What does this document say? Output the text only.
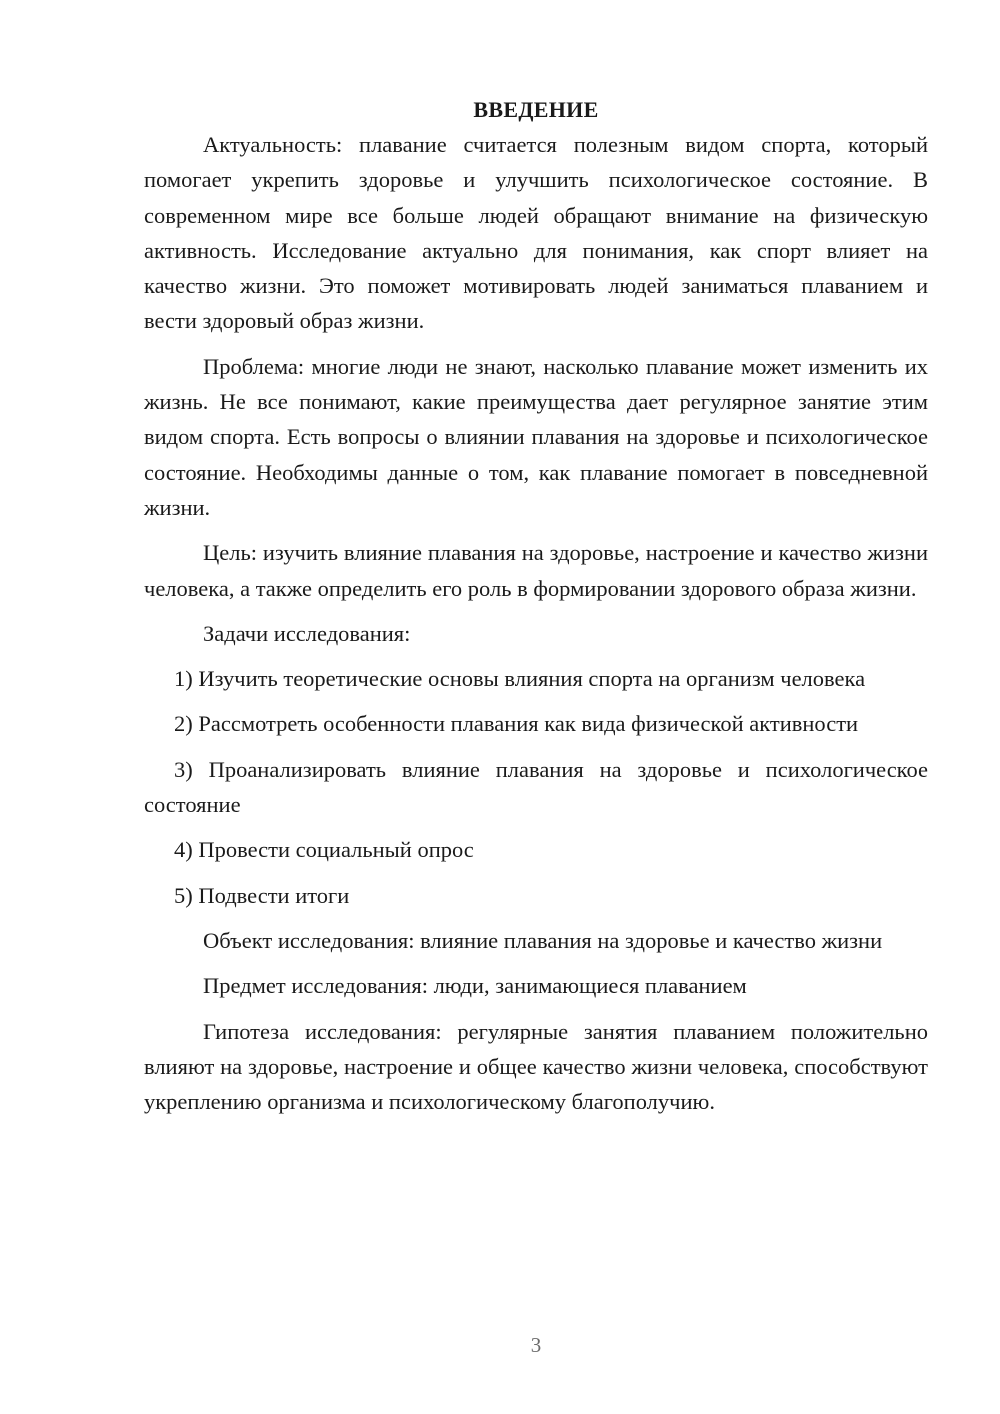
ВВЕДЕНИЕ

Актуальность: плавание считается полезным видом спорта, который помогает укрепить здоровье и улучшить психологическое состояние. В современном мире все больше людей обращают внимание на физическую активность. Исследование актуально для понимания, как спорт влияет на качество жизни. Это поможет мотивировать людей заниматься плаванием и вести здоровый образ жизни.

Проблема: многие люди не знают, насколько плавание может изменить их жизнь. Не все понимают, какие преимущества дает регулярное занятие этим видом спорта. Есть вопросы о влиянии плавания на здоровье и психологическое состояние. Необходимы данные о том, как плавание помогает в повседневной жизни.

Цель: изучить влияние плавания на здоровье, настроение и качество жизни человека, а также определить его роль в формировании здорового образа жизни.

Задачи исследования:

1) Изучить теоретические основы влияния спорта на организм человека

2) Рассмотреть особенности плавания как вида физической активности

3) Проанализировать влияние плавания на здоровье и психологическое состояние

4) Провести социальный опрос

5) Подвести итоги

Объект исследования: влияние плавания на здоровье и качество жизни

Предмет исследования: люди, занимающиеся плаванием

Гипотеза исследования: регулярные занятия плаванием положительно влияют на здоровье, настроение и общее качество жизни человека, способствуют укреплению организма и психологическому благополучию.

3
